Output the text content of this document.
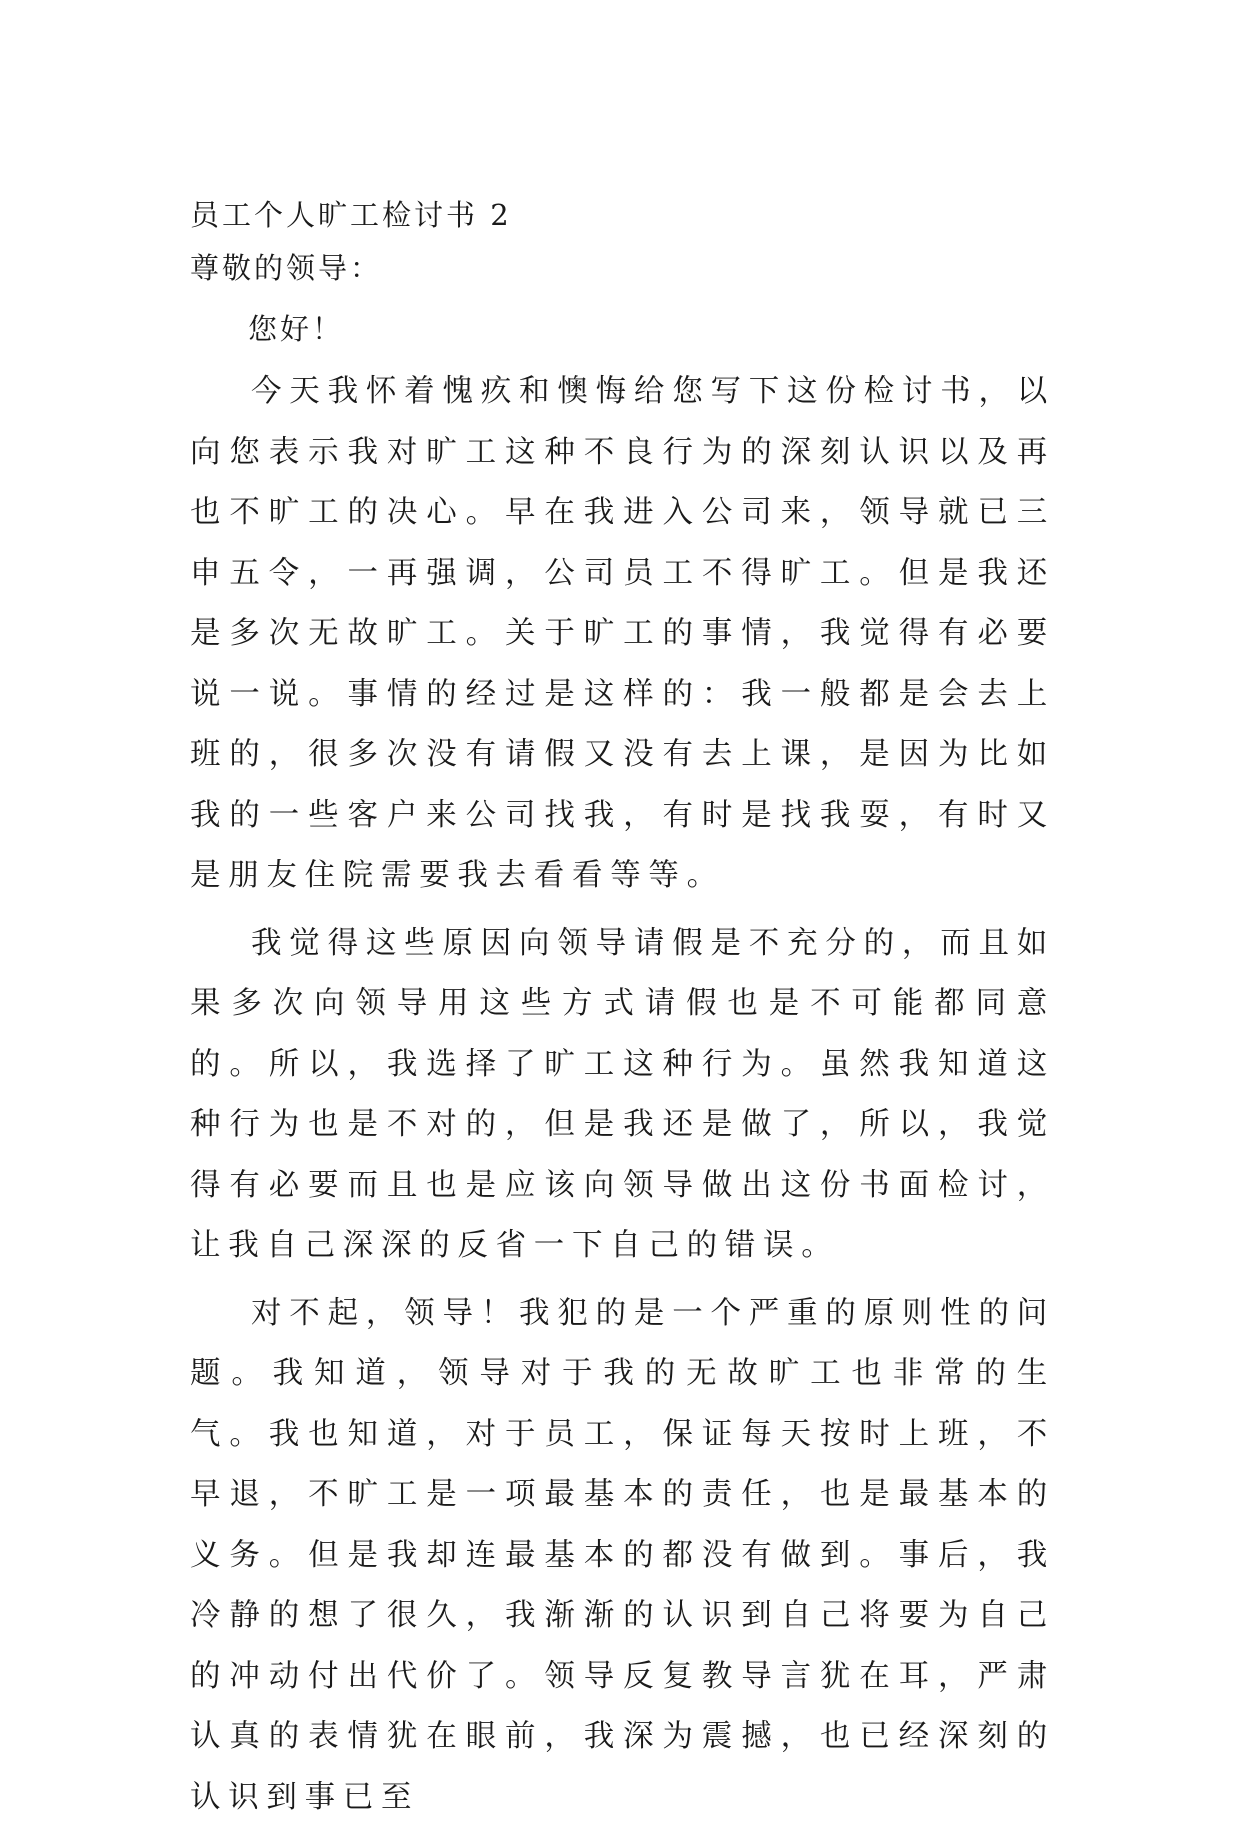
员工个人旷工检讨书 2

尊敬的领导：

您好！

今天我怀着愧疚和懊悔给您写下这份检讨书，以向您表示我对旷工这种不良行为的深刻认识以及再也不旷工的决心。早在我进入公司来，领导就已三申五令，一再强调，公司员工不得旷工。但是我还是多次无故旷工。关于旷工的事情，我觉得有必要说一说。事情的经过是这样的：我一般都是会去上班的，很多次没有请假又没有去上课，是因为比如我的一些客户来公司找我，有时是找我耍，有时又是朋友住院需要我去看看等等。

我觉得这些原因向领导请假是不充分的，而且如果多次向领导用这些方式请假也是不可能都同意的。所以，我选择了旷工这种行为。虽然我知道这种行为也是不对的，但是我还是做了，所以，我觉得有必要而且也是应该向领导做出这份书面检讨，让我自己深深的反省一下自己的错误。

对不起，领导！我犯的是一个严重的原则性的问题。我知道，领导对于我的无故旷工也非常的生气。我也知道，对于员工，保证每天按时上班，不早退，不旷工是一项最基本的责任，也是最基本的义务。但是我却连最基本的都没有做到。事后，我冷静的想了很久，我渐渐的认识到自己将要为自己的冲动付出代价了。领导反复教导言犹在耳，严肃认真的表情犹在眼前，我深为震撼，也已经深刻的认识到事已至
